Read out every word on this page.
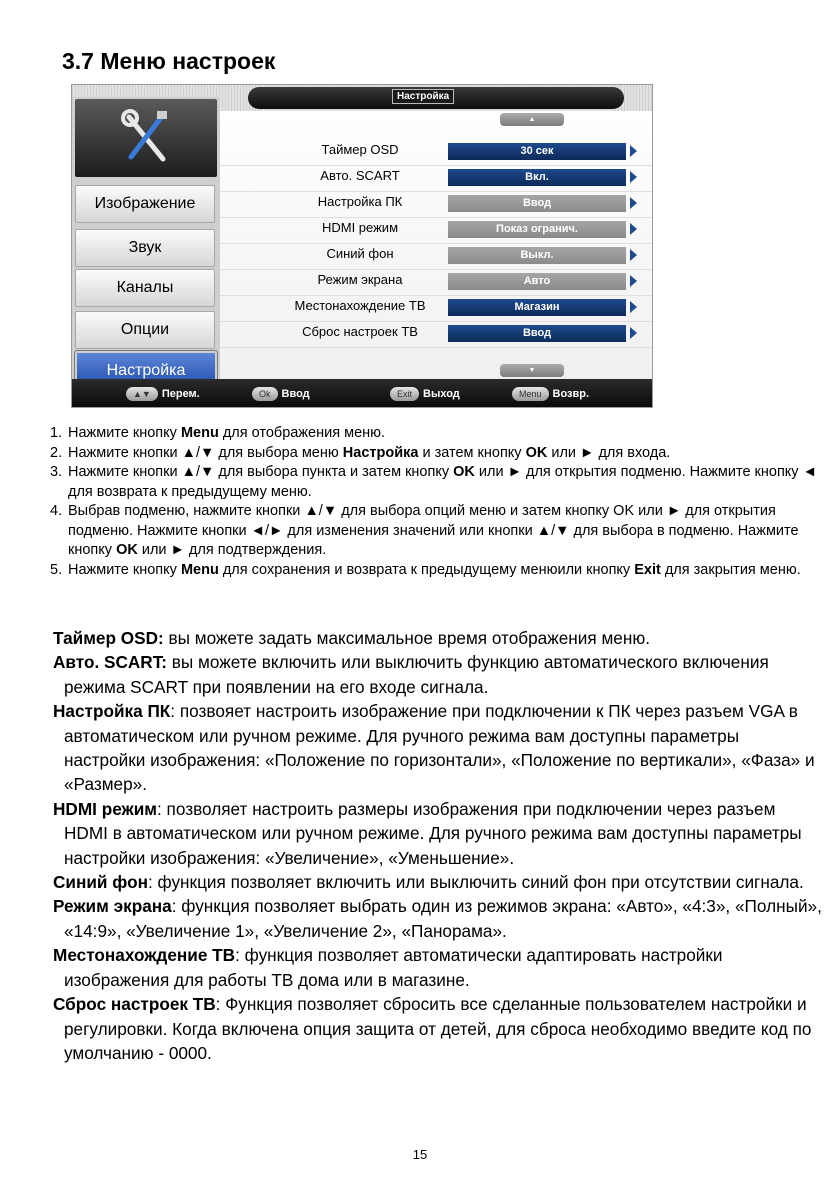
3.7 Меню настроек
Настройка
Изображение
Звук
Каналы
Опции
Настройка
▲
Таймер OSD	30 сек
Авто. SCART	Вкл.
Настройка ПК	Ввод
HDMI режим	Показ огранич.
Синий фон	Выкл.
Режим экрана	Авто
Местонахождение ТВ	Магазин
Сброс настроек ТВ	Ввод
▼
▲▼ Перем.	Ok Ввод	Exit Выход	Menu Возвр.
1. Нажмите кнопку Menu для отображения меню.
2. Нажмите кнопки ▲/▼ для выбора меню Настройка и затем кнопку OK или ► для входа.
3. Нажмите кнопки ▲/▼ для выбора пункта и затем кнопку OK или ► для открытия подменю. Нажмите кнопку ◄ для возврата к предыдущему меню.
4. Выбрав подменю, нажмите кнопки ▲/▼ для выбора опций меню и затем кнопку OK или ► для открытия подменю. Нажмите кнопки ◄/► для изменения значений или кнопки ▲/▼ для выбора в подменю. Нажмите кнопку OK или ► для подтверждения.
5. Нажмите кнопку Menu для сохранения и возврата к предыдущему менюили кнопку Exit для закрытия меню.
Таймер OSD: вы можете задать максимальное время отображения меню.
Авто. SCART: вы можете включить или выключить функцию автоматического включения режима SCART при появлении на его входе сигнала.
Настройка ПК: позвояет настроить изображение при подключении к ПК через разъем VGA в автоматическом или ручном режиме. Для ручного режима вам доступны параметры настройки изображения: «Положение по горизонтали», «Положение по вертикали», «Фаза» и «Размер».
HDMI режим: позволяет настроить размеры изображения при подключении через разъем HDMI в автоматическом или ручном режиме. Для ручного режима вам доступны параметры настройки изображения: «Увеличение», «Уменьшение».
Синий фон: функция позволяет включить или выключить синий фон при отсутствии сигнала.
Режим экрана: функция позволяет выбрать один из режимов экрана: «Авто», «4:3», «Полный», «14:9», «Увеличение 1», «Увеличение 2», «Панорама».
Местонахождение ТВ: функция позволяет автоматически адаптировать настройки изображения для работы ТВ дома или в магазине.
Сброс настроек ТВ: Функция позволяет сбросить все сделанные пользователем настройки и регулировки. Когда включена опция защита от детей, для сброса необходимо введите код по умолчанию - 0000.
15
